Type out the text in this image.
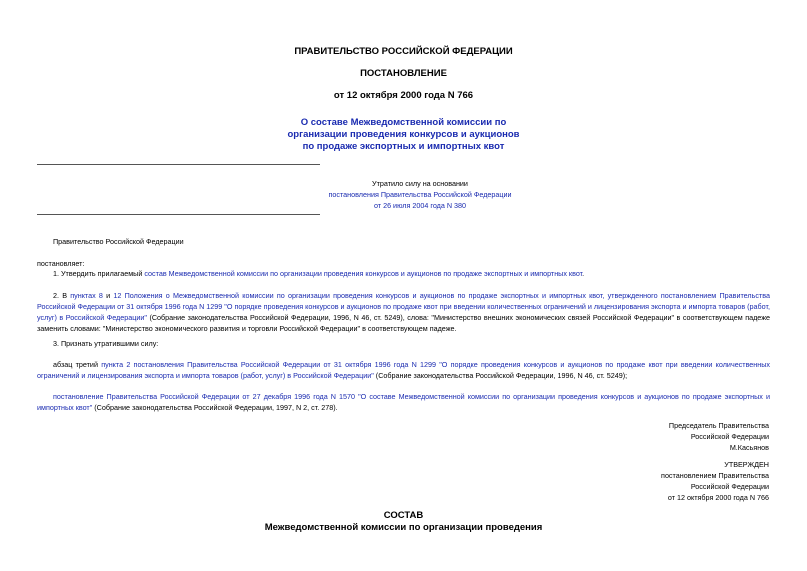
ПРАВИТЕЛЬСТВО РОССИЙСКОЙ ФЕДЕРАЦИИ
ПОСТАНОВЛЕНИЕ
от 12 октября 2000 года N 766
О составе Межведомственной комиссии по
организации проведения конкурсов и аукционов
по продаже экспортных и импортных квот
Утратило силу на основании
постановления Правительства Российской Федерации
от 26 июля 2004 года N 380
Правительство Российской Федерации
постановляет:
1. Утвердить прилагаемый состав Межведомственной комиссии по организации проведения конкурсов и аукционов по продаже экспортных и импортных квот.
2. В пунктах 8 и 12 Положения о Межведомственной комиссии по организации проведения конкурсов и аукционов по продаже экспортных и импортных квот, утвержденного постановлением Правительства Российской Федерации от 31 октября 1996 года N 1299 "О порядке проведения конкурсов и аукционов по продаже квот при введении количественных ограничений и лицензирования экспорта и импорта товаров (работ, услуг) в Российской Федерации" (Собрание законодательства Российской Федерации, 1996, N 46, ст. 5249), слова: "Министерство внешних экономических связей Российской Федерации" в соответствующем падеже заменить словами: "Министерство экономического развития и торговли Российской Федерации" в соответствующем падеже.
3. Признать утратившими силу:
абзац третий пункта 2 постановления Правительства Российской Федерации от 31 октября 1996 года N 1299 "О порядке проведения конкурсов и аукционов по продаже квот при введении количественных ограничений и лицензирования экспорта и импорта товаров (работ, услуг) в Российской Федерации" (Собрание законодательства Российской Федерации, 1996, N 46, ст. 5249);
постановление Правительства Российской Федерации от 27 декабря 1996 года N 1570 "О составе Межведомственной комиссии по организации проведения конкурсов и аукционов по продаже экспортных и импортных квот" (Собрание законодательства Российской Федерации, 1997, N 2, ст. 278).
Председатель Правительства
Российской Федерации
М.Касьянов
УТВЕРЖДЕН
постановлением Правительства
Российской Федерации
от 12 октября 2000 года N 766
СОСТАВ
Межведомственной комиссии по организации проведения
